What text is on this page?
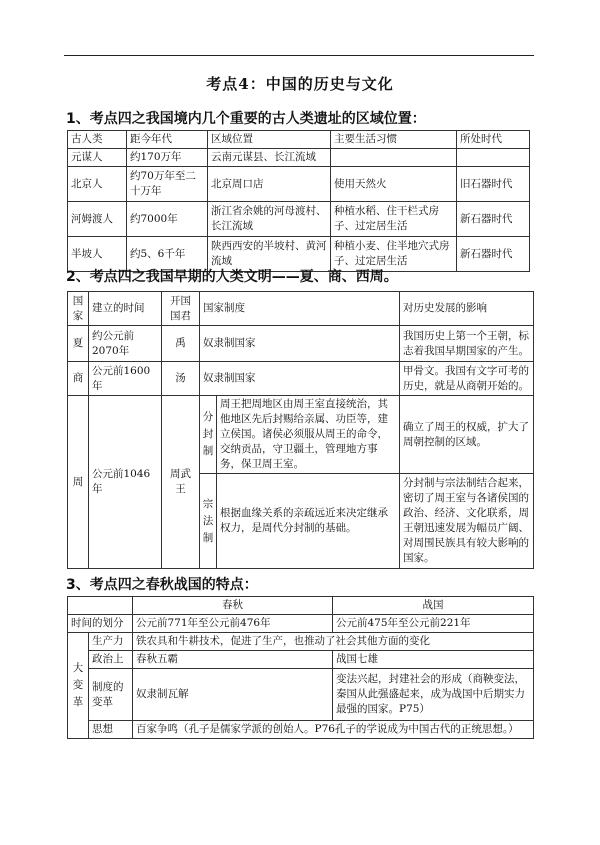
考点4：中国的历史与文化
1、考点四之我国境内几个重要的古人类遗址的区域位置：
古人类	距今年代	区域位置	主要生活习惯	所处时代
元谋人	约170万年	云南元谋县、长江流域		
北京人	约70万年至二十万年	北京周口店	使用天然火	旧石器时代
河姆渡人	约7000年	浙江省余姚的河母渡村、长江流域	种植水稻、住干栏式房子、过定居生活	新石器时代
半坡人	约5、6千年	陕西西安的半坡村、黄河流域	种植小麦、住半地穴式房子、过定居生活	新石器时代
2、考点四之我国早期的人类文明——夏、商、西周。
国家	建立的时间	开国国君	国家制度		对历史发展的影响
夏	约公元前2070年	禹	奴隶制国家		我国历史上第一个王朝，标志着我国早期国家的产生。
商	公元前1600年	汤	奴隶制国家		甲骨文。我国有文字可考的历史，就是从商朝开始的。
周	公元前1046年	周武王	分封制	周王把周地区由周王室直接统治，其他地区先后封赐给亲属、功臣等，建立侯国。诸侯必须服从周王的命令，交纳贡品，守卫疆土，管理地方事务，保卫周王室。	确立了周王的权威，扩大了周朝控制的区域。
			宗法制	根据血缘关系的亲疏远近来决定继承权力，是周代分封制的基础。	分封制与宗法制结合起来，密切了周王室与各诸侯国的政治、经济、文化联系，周王朝迅速发展为幅员广阔、对周围民族具有较大影响的国家。
3、考点四之春秋战国的特点：
		春秋	战国
时间的划分		公元前771年至公元前476年	公元前475年至公元前221年
大变革	生产力	铁农具和牛耕技术，促进了生产，也推动了社会其他方面的变化	
	政治上	春秋五霸	战国七雄
	制度的变革	奴隶制瓦解	变法兴起，封建社会的形成（商鞅变法，秦国从此强盛起来，成为战国中后期实力最强的国家。P75）
	思想	百家争鸣（孔子是儒家学派的创始人。P76孔子的学说成为中国古代的正统思想。）	
